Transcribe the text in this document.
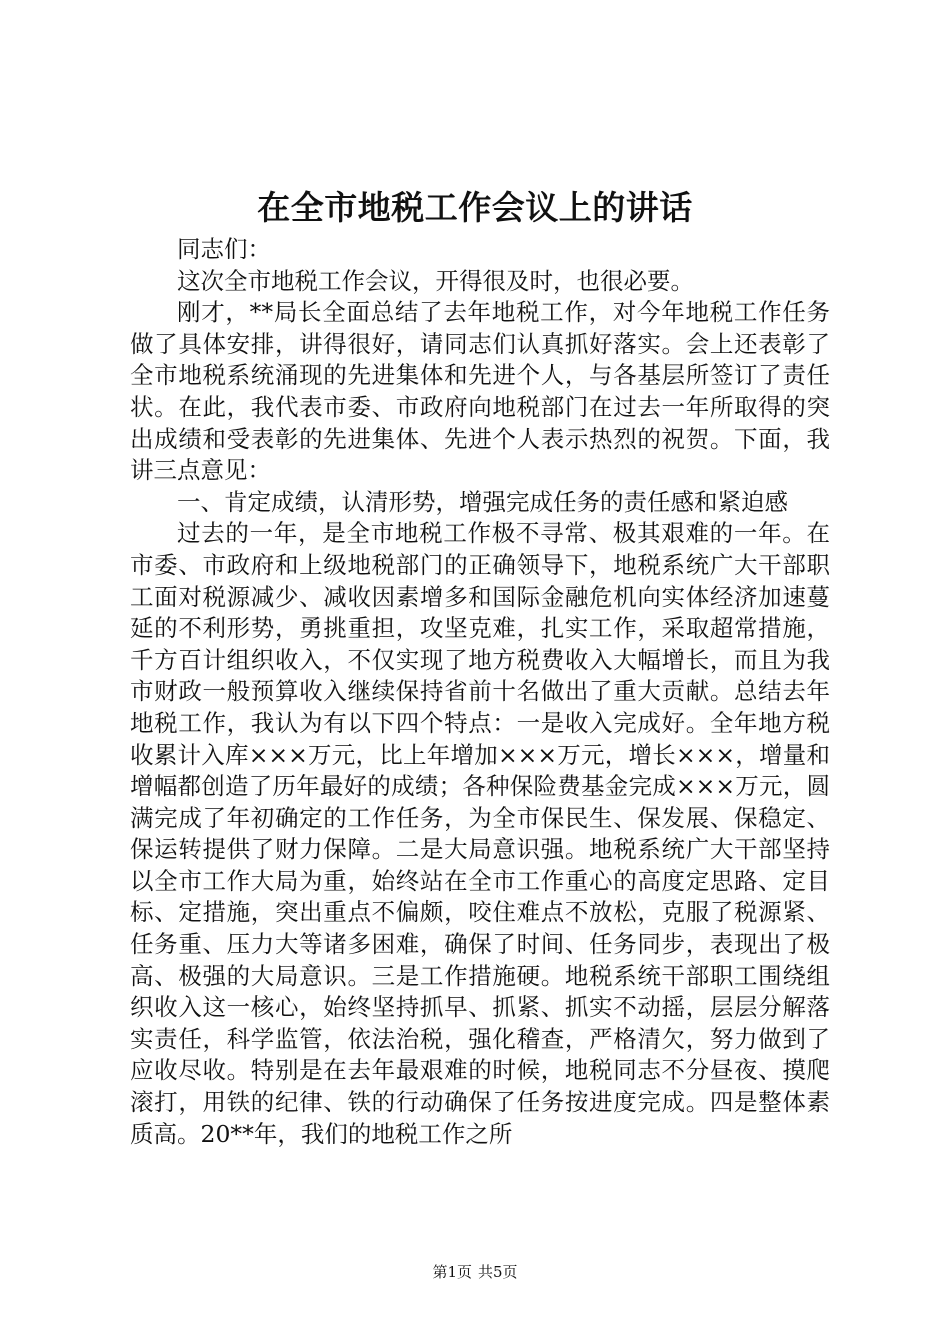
在全市地税工作会议上的讲话

同志们：

这次全市地税工作会议，开得很及时，也很必要。

刚才，**局长全面总结了去年地税工作，对今年地税工作任务做了具体安排，讲得很好，请同志们认真抓好落实。会上还表彰了全市地税系统涌现的先进集体和先进个人，与各基层所签订了责任状。在此，我代表市委、市政府向地税部门在过去一年所取得的突出成绩和受表彰的先进集体、先进个人表示热烈的祝贺。下面，我讲三点意见：

一、肯定成绩，认清形势，增强完成任务的责任感和紧迫感

过去的一年，是全市地税工作极不寻常、极其艰难的一年。在市委、市政府和上级地税部门的正确领导下，地税系统广大干部职工面对税源减少、减收因素增多和国际金融危机向实体经济加速蔓延的不利形势，勇挑重担，攻坚克难，扎实工作，采取超常措施，千方百计组织收入，不仅实现了地方税费收入大幅增长，而且为我市财政一般预算收入继续保持省前十名做出了重大贡献。总结去年地税工作，我认为有以下四个特点：一是收入完成好。全年地方税收累计入库×××万元，比上年增加×××万元，增长×××，增量和增幅都创造了历年最好的成绩；各种保险费基金完成×××万元，圆满完成了年初确定的工作任务，为全市保民生、保发展、保稳定、保运转提供了财力保障。二是大局意识强。地税系统广大干部坚持以全市工作大局为重，始终站在全市工作重心的高度定思路、定目标、定措施，突出重点不偏颇，咬住难点不放松，克服了税源紧、任务重、压力大等诸多困难，确保了时间、任务同步，表现出了极高、极强的大局意识。三是工作措施硬。地税系统干部职工围绕组织收入这一核心，始终坚持抓早、抓紧、抓实不动摇，层层分解落实责任，科学监管，依法治税，强化稽查，严格清欠，努力做到了应收尽收。特别是在去年最艰难的时候，地税同志不分昼夜、摸爬滚打，用铁的纪律、铁的行动确保了任务按进度完成。四是整体素质高。20**年，我们的地税工作之所

第1页 共5页
